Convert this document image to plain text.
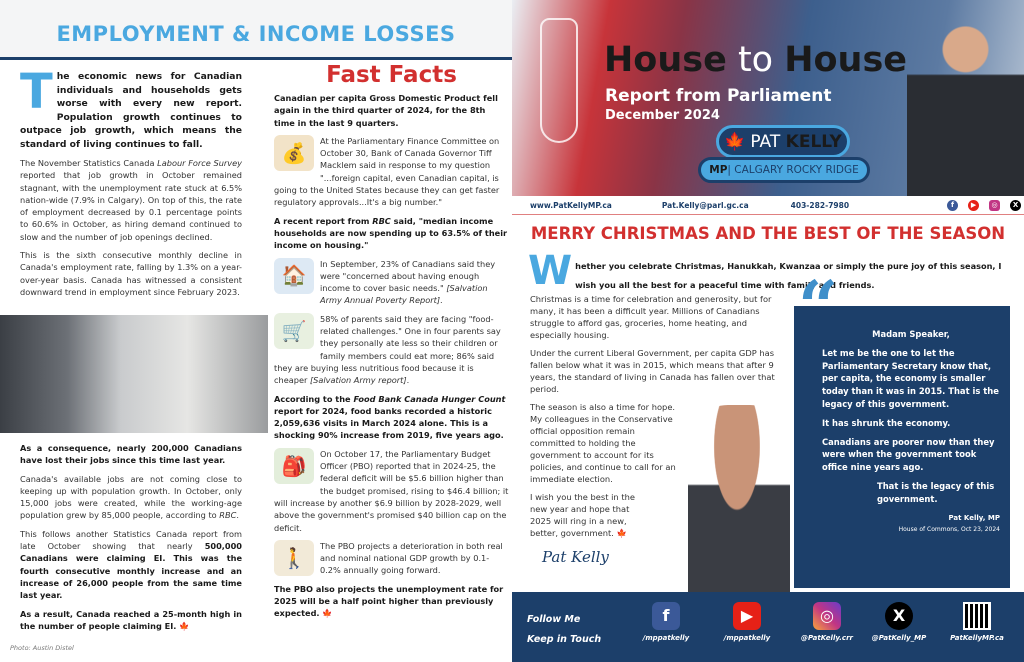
EMPLOYMENT & INCOME LOSSES

The economic news for Canadian individuals and households gets worse with every new report. Population growth continues to outpace job growth, which means the standard of living continues to fall.

The November Statistics Canada Labour Force Survey reported that job growth in October remained stagnant, with the unemployment rate stuck at 6.5% nation-wide (7.9% in Calgary). On top of this, the rate of employment decreased by 0.1 percentage points to 60.6% in October, as hiring demand continued to slow and the number of job openings declined.

This is the sixth consecutive monthly decline in Canada's employment rate, falling by 1.3% on a year-over-year basis. Canada has witnessed a consistent downward trend in employment since February 2023.

As a consequence, nearly 200,000 Canadians have lost their jobs since this time last year.

Canada's available jobs are not coming close to keeping up with population growth. In October, only 15,000 jobs were created, while the working-age population grew by 85,000 people, according to RBC.

This follows another Statistics Canada report from late October showing that nearly 500,000 Canadians were claiming EI. This was the fourth consecutive monthly increase and an increase of 26,000 people from the same time last year.

As a result, Canada reached a 25-month high in the number of people claiming EI. 🍁

Photo: Austin Distel
Fast Facts

Canadian per capita Gross Domestic Product fell again in the third quarter of 2024, for the 8th time in the last 9 quarters.

💰	At the Parliamentary Finance Committee on October 30, Bank of Canada Governor Tiff Macklem said in response to my question "...foreign capital, even Canadian capital, is going to the United States because they can get faster regulatory approvals...It's a big number."

A recent report from RBC said, "median income households are now spending up to 63.5% of their income on housing."

🏠	In September, 23% of Canadians said they were "concerned about having enough income to cover basic needs." [Salvation Army Annual Poverty Report].

🛒	58% of parents said they are facing "food-related challenges." One in four parents say they personally ate less so their children or family members could eat more; 86% said they are buying less nutritious food because it is cheaper [Salvation Army report].

According to the Food Bank Canada Hunger Count report for 2024, food banks recorded a historic 2,059,636 visits in March 2024 alone. This is a shocking 90% increase from 2019, five years ago.

🎒	On October 17, the Parliamentary Budget Officer (PBO) reported that in 2024-25, the federal deficit will be $5.6 billion higher than the budget promised, rising to $46.4 billion; it will increase by another $6.9 billion by 2028-2029, well above the government's promised $40 billion cap on the deficit.

🚶	The PBO projects a deterioration in both real and nominal national GDP growth by 0.1-0.2% annually going forward.

The PBO also projects the unemployment rate for 2025 will be a half point higher than previously expected. 🍁

House to House
Report from Parliament
December 2024
🍁 PAT KELLY
MP | CALGARY ROCKY RIDGE
www.PatKellyMP.ca	Pat.Kelly@parl.gc.ca	403-282-7980	f	▶	◎	X
MERRY CHRISTMAS AND THE BEST OF THE SEASON
Whether you celebrate Christmas, Hanukkah, Kwanzaa or simply the pure joy of this season, I wish you all the best for a peaceful time with family and friends.

Christmas is a time for celebration and generosity, but for many, it has been a difficult year. Millions of Canadians struggle to afford gas, groceries, home heating, and especially housing.

Under the current Liberal Government, per capita GDP has fallen below what it was in 2015, which means that after 9 years, the standard of living in Canada has fallen over that period.

The season is also a time for hope. My colleagues in the Conservative official opposition remain committed to holding the government to account for its policies, and continue to call for an immediate election.

I wish you the best in the new year and hope that 2025 will ring in a new, better, government. 🍁

Pat Kelly

Madam Speaker,

Let me be the one to let the Parliamentary Secretary know that, per capita, the economy is smaller today than it was in 2015. That is the legacy of this government.

It has shrunk the economy.

Canadians are poorer now than they were when the government took office nine years ago.

That is the legacy of this government.

Pat Kelly, MP

House of Commons, Oct 23, 2024

“
Follow Me
Keep in Touch
f
/mppatkelly
▶
/mppatkelly
◎
@PatKelly.crr
X
@PatKelly_MP	PatKellyMP.ca
